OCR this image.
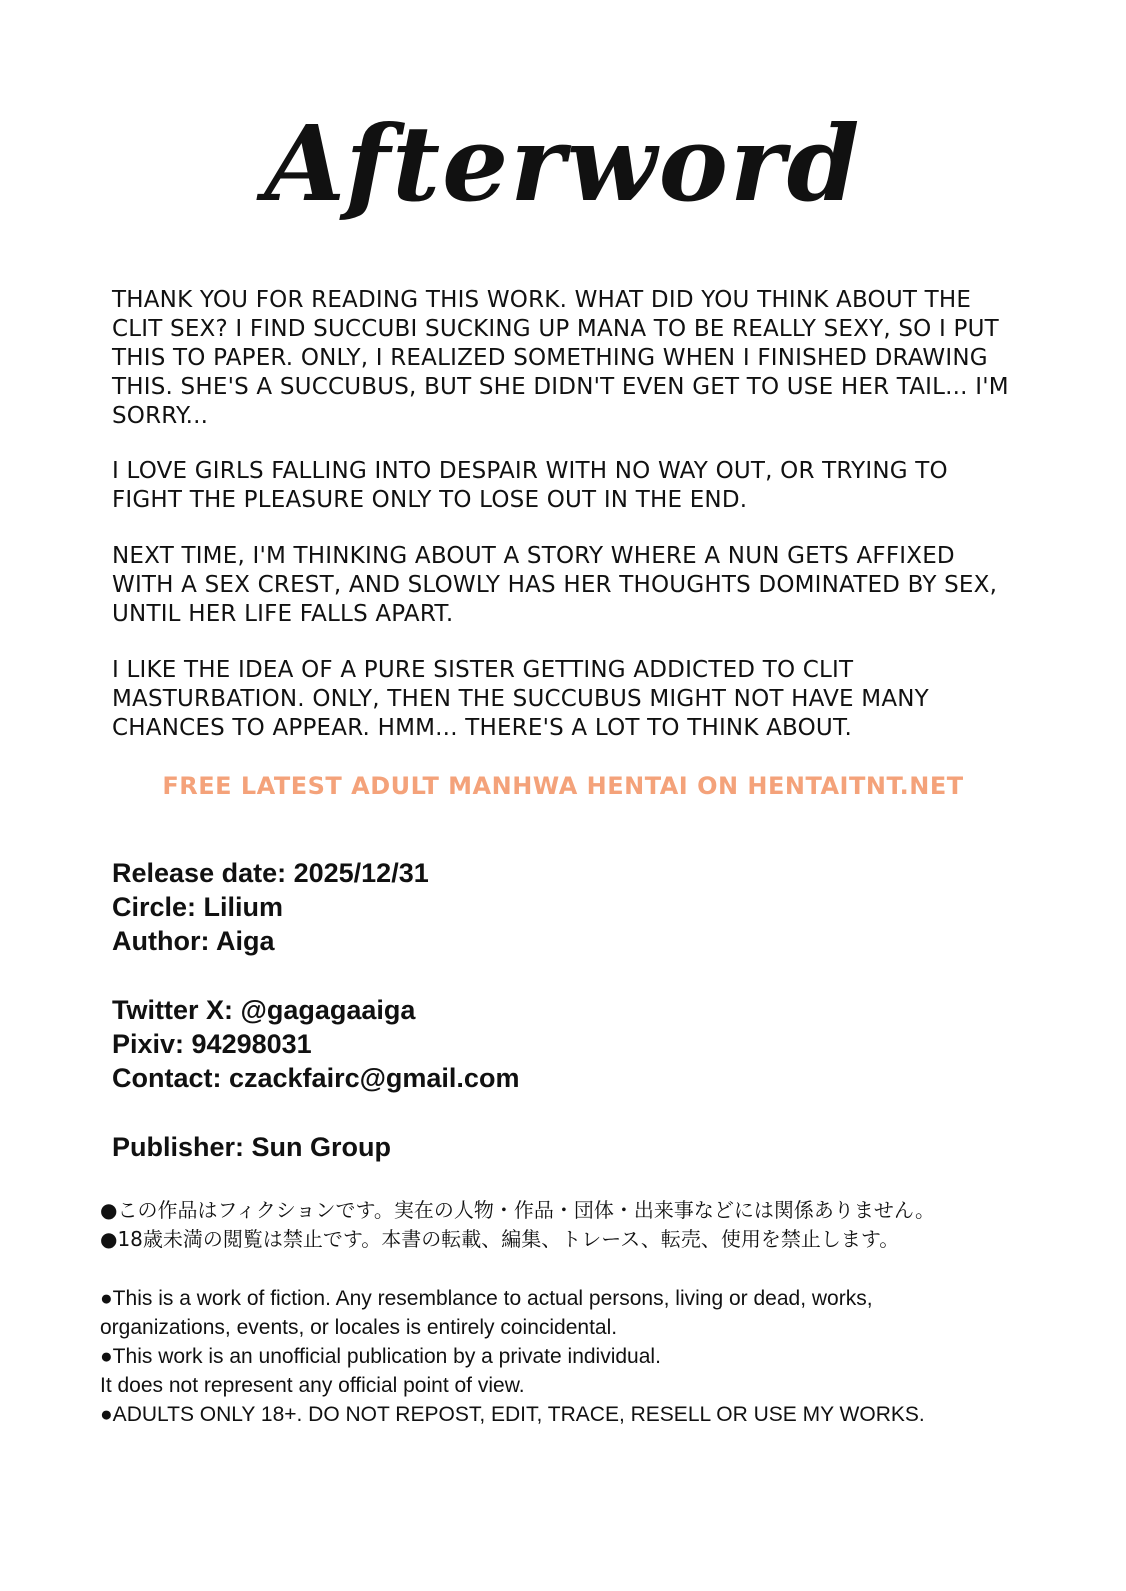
Afterword
THANK YOU FOR READING THIS WORK. WHAT DID YOU THINK ABOUT THE CLIT SEX? I FIND SUCCUBI SUCKING UP MANA TO BE REALLY SEXY, SO I PUT THIS TO PAPER. ONLY, I REALIZED SOMETHING WHEN I FINISHED DRAWING THIS. SHE'S A SUCCUBUS, BUT SHE DIDN'T EVEN GET TO USE HER TAIL... I'M SORRY...
I LOVE GIRLS FALLING INTO DESPAIR WITH NO WAY OUT, OR TRYING TO FIGHT THE PLEASURE ONLY TO LOSE OUT IN THE END.
NEXT TIME, I'M THINKING ABOUT A STORY WHERE A NUN GETS AFFIXED WITH A SEX CREST, AND SLOWLY HAS HER THOUGHTS DOMINATED BY SEX, UNTIL HER LIFE FALLS APART.
I LIKE THE IDEA OF A PURE SISTER GETTING ADDICTED TO CLIT MASTURBATION. ONLY, THEN THE SUCCUBUS MIGHT NOT HAVE MANY CHANCES TO APPEAR. HMM... THERE'S A LOT TO THINK ABOUT.
FREE LATEST ADULT MANHWA HENTAI ON HENTAITNT.NET
Release date: 2025/12/31
Circle: Lilium
Author: Aiga
Twitter X: @gagagaaiga
Pixiv: 94298031
Contact: czackfairc@gmail.com
Publisher: Sun Group
●この作品はフィクションです。実在の人物・作品・団体・出来事などには関係ありません。
●18歳未満の閲覧は禁止です。本書の転載、編集、トレース、転売、使用を禁止します。
●This is a work of fiction. Any resemblance to actual persons, living or dead, works,
organizations, events, or locales is entirely coincidental.
●This work is an unofficial publication by a private individual.
It does not represent any official point of view.
●ADULTS ONLY 18+. DO NOT REPOST, EDIT, TRACE, RESELL OR USE MY WORKS.
